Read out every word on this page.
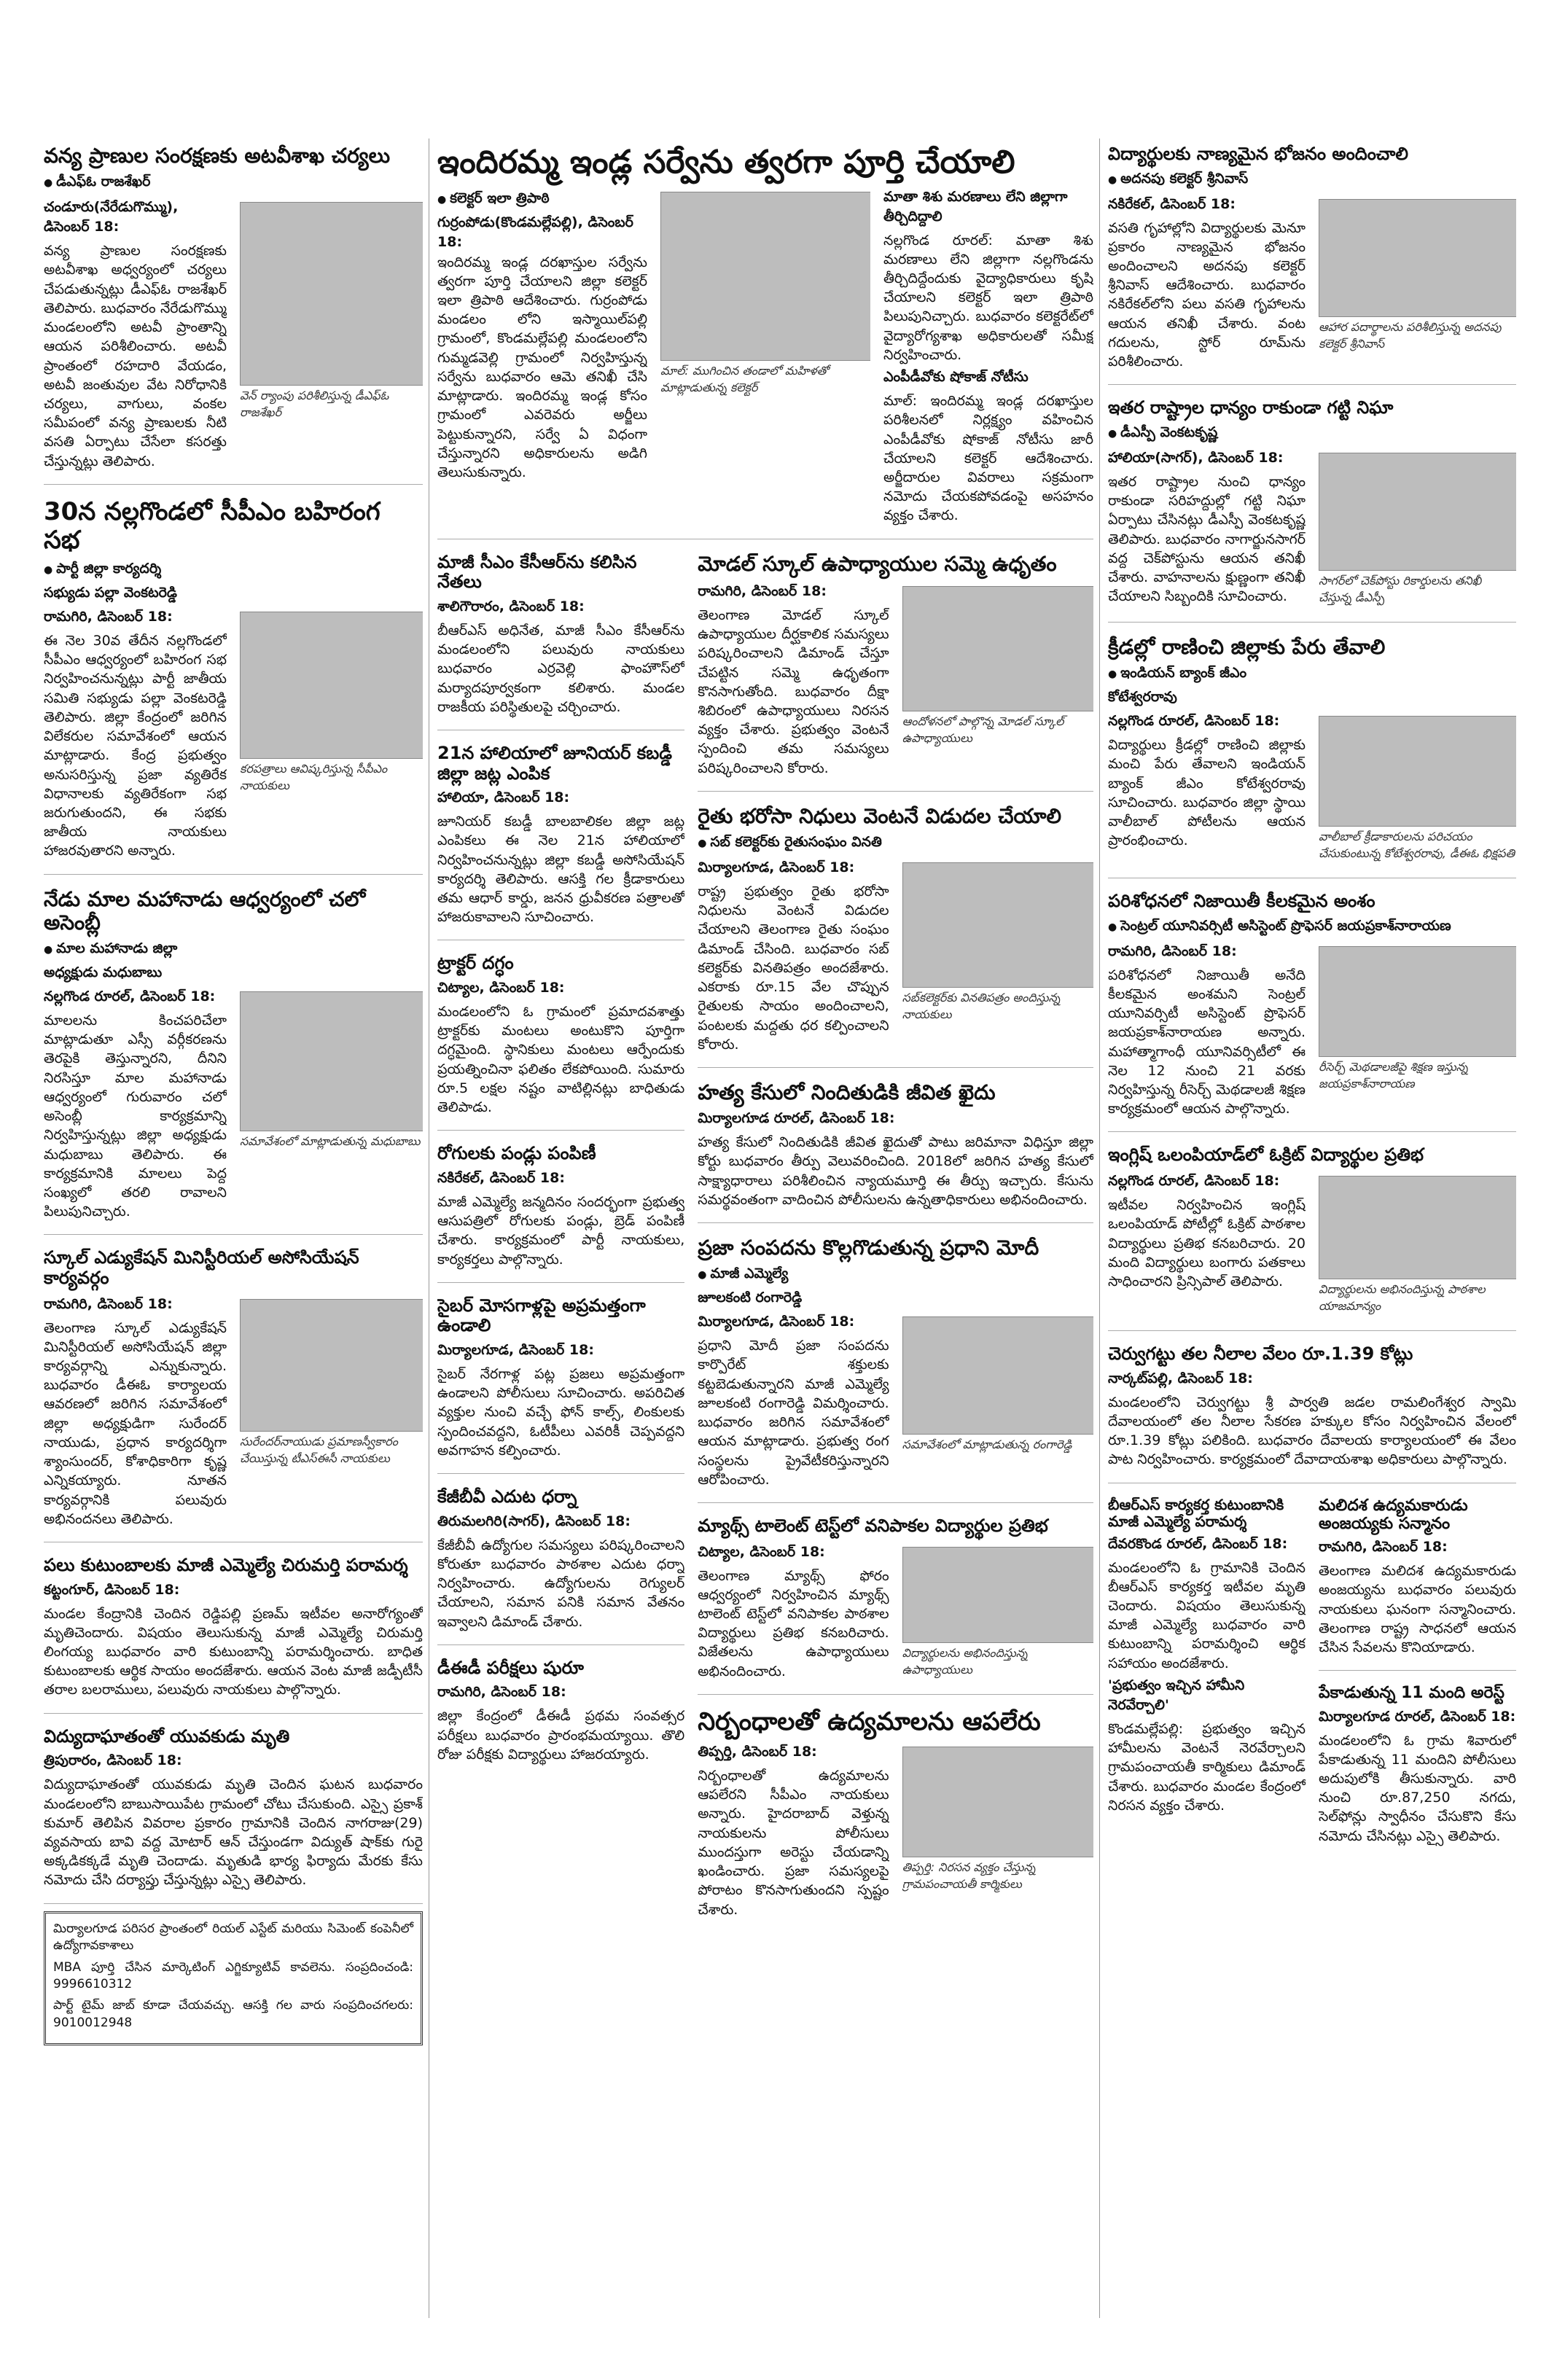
వన్య ప్రాణుల సంరక్షణకు అటవీశాఖ చర్యలు
● డీఎఫ్‌ఓ రాజశేఖర్
చండూరు(నేరేడుగొమ్ము), డిసెంబర్ 18:

వన్య ప్రాణుల సంరక్షణకు అటవీశాఖ అధ్వర్యంలో చర్యలు చేపడుతున్నట్లు డీఎఫ్‌ఓ రాజశేఖర్ తెలిపారు. బుధవారం నేరేడుగొమ్ము మండలంలోని అటవీ ప్రాంతాన్ని ఆయన పరిశీలించారు. అటవీ ప్రాంతంలో రహదారి వేయడం, అటవీ జంతువుల వేట నిరోధానికి చర్యలు, వాగులు, వంకల సమీపంలో వన్య ప్రాణులకు నీటి వసతి ఏర్పాటు చేసేలా కసరత్తు చేస్తున్నట్లు తెలిపారు.

వెన్ ర్యాంపు పరిశీలిస్తున్న డీఎఫ్‌ఓ రాజశేఖర్
30న నల్లగొండలో సీపీఎం బహిరంగ సభ
● పార్టీ జిల్లా కార్యదర్శి
సభ్యుడు పల్లా వెంకటరెడ్డి
రామగిరి, డిసెంబర్ 18:

ఈ నెల 30వ తేదీన నల్లగొండలో సీపీఎం ఆధ్వర్యంలో బహిరంగ సభ నిర్వహించనున్నట్లు పార్టీ జాతీయ సమితి సభ్యుడు పల్లా వెంకటరెడ్డి తెలిపారు. జిల్లా కేంద్రంలో జరిగిన విలేకరుల సమావేశంలో ఆయన మాట్లాడారు. కేంద్ర ప్రభుత్వం అనుసరిస్తున్న ప్రజా వ్యతిరేక విధానాలకు వ్యతిరేకంగా సభ జరుగుతుందని, ఈ సభకు జాతీయ నాయకులు హాజరవుతారని అన్నారు.

కరపత్రాలు ఆవిష్కరిస్తున్న సీపీఎం నాయకులు
నేడు మాల మహానాడు ఆధ్వర్యంలో చలో అసెంబ్లీ
● మాల మహానాడు జిల్లా
అధ్యక్షుడు మధుబాబు
నల్లగొండ రూరల్, డిసెంబర్ 18:

మాలలను కించపరిచేలా మాట్లాడుతూ ఎస్సీ వర్గీకరణను తెరపైకి తెస్తున్నారని, దీనిని నిరసిస్తూ మాల మహానాడు ఆధ్వర్యంలో గురువారం చలో అసెంబ్లీ కార్యక్రమాన్ని నిర్వహిస్తున్నట్లు జిల్లా అధ్యక్షుడు మధుబాబు తెలిపారు. ఈ కార్యక్రమానికి మాలలు పెద్ద సంఖ్యలో తరలి రావాలని పిలుపునిచ్చారు.

సమావేశంలో మాట్లాడుతున్న మధుబాబు
స్కూల్ ఎడ్యుకేషన్ మినిస్టీరియల్ అసోసియేషన్ కార్యవర్గం
రామగిరి, డిసెంబర్ 18:

తెలంగాణ స్కూల్ ఎడ్యుకేషన్ మినిస్టీరియల్ అసోసియేషన్ జిల్లా కార్యవర్గాన్ని ఎన్నుకున్నారు. బుధవారం డీఈఓ కార్యాలయ ఆవరణలో జరిగిన సమావేశంలో జిల్లా అధ్యక్షుడిగా సురేందర్ నాయుడు, ప్రధాన కార్యదర్శిగా శ్యాంసుందర్, కోశాధికారిగా కృష్ణ ఎన్నికయ్యారు. నూతన కార్యవర్గానికి పలువురు అభినందనలు తెలిపారు.

సురేందర్‌నాయుడు ప్రమాణస్వీకారం చేయిస్తున్న టీఎస్ఈసీ నాయకులు
పలు కుటుంబాలకు మాజీ ఎమ్మెల్యే చిరుమర్తి పరామర్శ
కట్టంగూర్, డిసెంబర్ 18:

మండల కేంద్రానికి చెందిన రెడ్డిపల్లి ప్రణమ్ ఇటీవల అనారోగ్యంతో మృతిచెందారు. విషయం తెలుసుకున్న మాజీ ఎమ్మెల్యే చిరుమర్తి లింగయ్య బుధవారం వారి కుటుంబాన్ని పరామర్శించారు. బాధిత కుటుంబాలకు ఆర్థిక సాయం అందజేశారు. ఆయన వెంట మాజీ జడ్పీటీసీ తరాల బలరాములు, పలువురు నాయకులు పాల్గొన్నారు.

విద్యుదాఘాతంతో యువకుడు మృతి
త్రిపురారం, డిసెంబర్ 18:

విద్యుదాఘాతంతో యువకుడు మృతి చెందిన ఘటన బుధవారం మండలంలోని బాబుసాయిపేట గ్రామంలో చోటు చేసుకుంది. ఎస్సై ప్రకాశ్ కుమార్ తెలిపిన వివరాల ప్రకారం గ్రామానికి చెందిన నాగరాజు(29) వ్యవసాయ బావి వద్ద మోటార్ ఆన్ చేస్తుండగా విద్యుత్ షాక్‌కు గురై అక్కడికక్కడే మృతి చెందాడు. మృతుడి భార్య ఫిర్యాదు మేరకు కేసు నమోదు చేసి దర్యాప్తు చేస్తున్నట్లు ఎస్సై తెలిపారు.

మిర్యాలగూడ పరిసర ప్రాంతంలో రియల్ ఎస్టేట్ మరియు సిమెంట్ కంపెనీలో ఉద్యోగావకాశాలు

MBA పూర్తి చేసిన మార్కెటింగ్ ఎగ్జిక్యూటివ్ కావలెను. సంప్రదించండి: 9996610312

పార్ట్ టైమ్ జాబ్ కూడా చేయవచ్చు. ఆసక్తి గల వారు సంప్రదించగలరు: 9010012948

ఇందిరమ్మ ఇండ్ల సర్వేను త్వరగా పూర్తి చేయాలి
● కలెక్టర్ ఇలా త్రిపాఠి
గుర్రంపోడు(కొండమల్లేపల్లి), డిసెంబర్ 18:

ఇందిరమ్మ ఇండ్ల దరఖాస్తుల సర్వేను త్వరగా పూర్తి చేయాలని జిల్లా కలెక్టర్ ఇలా త్రిపాఠి ఆదేశించారు. గుర్రంపోడు మండలం లోని ఇస్మాయిల్‌పల్లి గ్రామంలో, కొండమల్లేపల్లి మండలంలోని గుమ్మడవెల్లి గ్రామంలో నిర్వహిస్తున్న సర్వేను బుధవారం ఆమె తనిఖీ చేసి మాట్లాడారు. ఇందిరమ్మ ఇండ్ల కోసం గ్రామంలో ఎవరెవరు అర్జీలు పెట్టుకున్నారని, సర్వే ఏ విధంగా చేస్తున్నారని అధికారులను అడిగి తెలుసుకున్నారు.

మాల్‌: ముగించిన తండాలో మహిళతో మాట్లాడుతున్న కలెక్టర్
మాతా శిశు మరణాలు లేని జిల్లాగా తీర్చిదిద్దాలి

నల్లగొండ రూరల్: మాతా శిశు మరణాలు లేని జిల్లాగా నల్లగొండను తీర్చిదిద్దేందుకు వైద్యాధికారులు కృషి చేయాలని కలెక్టర్ ఇలా త్రిపాఠి పిలుపునిచ్చారు. బుధవారం కలెక్టరేట్‌లో వైద్యారోగ్యశాఖ అధికారులతో సమీక్ష నిర్వహించారు.

ఎంపీడీవోకు షోకాజ్ నోటీసు

మాల్: ఇందిరమ్మ ఇండ్ల దరఖాస్తుల పరిశీలనలో నిర్లక్ష్యం వహించిన ఎంపీడీవోకు షోకాజ్ నోటీసు జారీ చేయాలని కలెక్టర్ ఆదేశించారు. అర్జీదారుల వివరాలు సక్రమంగా నమోదు చేయకపోవడంపై అసహనం వ్యక్తం చేశారు.

మాజీ సీఎం కేసీఆర్‌ను కలిసిన నేతలు
శాలిగౌరారం, డిసెంబర్ 18:

బీఆర్ఎస్ అధినేత, మాజీ సీఎం కేసీఆర్‌ను మండలంలోని పలువురు నాయకులు బుధవారం ఎర్రవెల్లి ఫాంహౌస్‌లో మర్యాదపూర్వకంగా కలిశారు. మండల రాజకీయ పరిస్థితులపై చర్చించారు.

21న హాలియాలో జూనియర్ కబడ్డీ జిల్లా జట్ల ఎంపిక
హాలియా, డిసెంబర్ 18:

జూనియర్ కబడ్డీ బాలబాలికల జిల్లా జట్ల ఎంపికలు ఈ నెల 21న హాలియాలో నిర్వహించనున్నట్లు జిల్లా కబడ్డీ అసోసియేషన్ కార్యదర్శి తెలిపారు. ఆసక్తి గల క్రీడాకారులు తమ ఆధార్ కార్డు, జనన ధ్రువీకరణ పత్రాలతో హాజరుకావాలని సూచించారు.

ట్రాక్టర్ దగ్ధం
చిట్యాల, డిసెంబర్ 18:

మండలంలోని ఓ గ్రామంలో ప్రమాదవశాత్తు ట్రాక్టర్‌కు మంటలు అంటుకొని పూర్తిగా దగ్ధమైంది. స్థానికులు మంటలు ఆర్పేందుకు ప్రయత్నించినా ఫలితం లేకపోయింది. సుమారు రూ.5 లక్షల నష్టం వాటిల్లినట్లు బాధితుడు తెలిపాడు.

రోగులకు పండ్లు పంపిణీ
నకిరేకల్, డిసెంబర్ 18:

మాజీ ఎమ్మెల్యే జన్మదినం సందర్భంగా ప్రభుత్వ ఆసుపత్రిలో రోగులకు పండ్లు, బ్రెడ్ పంపిణీ చేశారు. కార్యక్రమంలో పార్టీ నాయకులు, కార్యకర్తలు పాల్గొన్నారు.

సైబర్ మోసగాళ్లపై అప్రమత్తంగా ఉండాలి
మిర్యాలగూడ, డిసెంబర్ 18:

సైబర్ నేరగాళ్ల పట్ల ప్రజలు అప్రమత్తంగా ఉండాలని పోలీసులు సూచించారు. అపరిచిత వ్యక్తుల నుంచి వచ్చే ఫోన్ కాల్స్, లింకులకు స్పందించవద్దని, ఓటీపీలు ఎవరికీ చెప్పవద్దని అవగాహన కల్పించారు.

కేజీబీవీ ఎదుట ధర్నా
తిరుమలగిరి(సాగర్), డిసెంబర్ 18:

కేజీబీవీ ఉద్యోగుల సమస్యలు పరిష్కరించాలని కోరుతూ బుధవారం పాఠశాల ఎదుట ధర్నా నిర్వహించారు. ఉద్యోగులను రెగ్యులర్ చేయాలని, సమాన పనికి సమాన వేతనం ఇవ్వాలని డిమాండ్ చేశారు.

డీఈడీ పరీక్షలు షురూ
రామగిరి, డిసెంబర్ 18:

జిల్లా కేంద్రంలో డీఈడీ ప్రథమ సంవత్సర పరీక్షలు బుధవారం ప్రారంభమయ్యాయి. తొలి రోజు పరీక్షకు విద్యార్థులు హాజరయ్యారు.

మోడల్ స్కూల్ ఉపాధ్యాయుల సమ్మె ఉధృతం
రామగిరి, డిసెంబర్ 18:

తెలంగాణ మోడల్ స్కూల్ ఉపాధ్యాయుల దీర్ఘకాలిక సమస్యలు పరిష్కరించాలని డిమాండ్ చేస్తూ చేపట్టిన సమ్మె ఉధృతంగా కొనసాగుతోంది. బుధవారం దీక్షా శిబిరంలో ఉపాధ్యాయులు నిరసన వ్యక్తం చేశారు. ప్రభుత్వం వెంటనే స్పందించి తమ సమస్యలు పరిష్కరించాలని కోరారు.

ఆందోళనలో పాల్గొన్న మోడల్ స్కూల్ ఉపాధ్యాయులు
రైతు భరోసా నిధులు వెంటనే విడుదల చేయాలి
● సబ్ కలెక్టర్‌కు రైతుసంఘం వినతి
మిర్యాలగూడ, డిసెంబర్ 18:

రాష్ట్ర ప్రభుత్వం రైతు భరోసా నిధులను వెంటనే విడుదల చేయాలని తెలంగాణ రైతు సంఘం డిమాండ్ చేసింది. బుధవారం సబ్ కలెక్టర్‌కు వినతిపత్రం అందజేశారు. ఎకరాకు రూ.15 వేల చొప్పున రైతులకు సాయం అందించాలని, పంటలకు మద్దతు ధర కల్పించాలని కోరారు.

సబ్‌కలెక్టర్‌కు వినతిపత్రం అందిస్తున్న నాయకులు
హత్య కేసులో నిందితుడికి జీవిత ఖైదు
మిర్యాలగూడ రూరల్, డిసెంబర్ 18:

హత్య కేసులో నిందితుడికి జీవిత ఖైదుతో పాటు జరిమానా విధిస్తూ జిల్లా కోర్టు బుధవారం తీర్పు వెలువరించింది. 2018లో జరిగిన హత్య కేసులో సాక్ష్యాధారాలు పరిశీలించిన న్యాయమూర్తి ఈ తీర్పు ఇచ్చారు. కేసును సమర్థవంతంగా వాదించిన పోలీసులను ఉన్నతాధికారులు అభినందించారు.

ప్రజా సంపదను కొల్లగొడుతున్న ప్రధాని మోదీ
● మాజీ ఎమ్మెల్యే
జూలకంటి రంగారెడ్డి
మిర్యాలగూడ, డిసెంబర్ 18:

ప్రధాని మోదీ ప్రజా సంపదను కార్పొరేట్ శక్తులకు కట్టబెడుతున్నారని మాజీ ఎమ్మెల్యే జూలకంటి రంగారెడ్డి విమర్శించారు. బుధవారం జరిగిన సమావేశంలో ఆయన మాట్లాడారు. ప్రభుత్వ రంగ సంస్థలను ప్రైవేటీకరిస్తున్నారని ఆరోపించారు.

సమావేశంలో మాట్లాడుతున్న రంగారెడ్డి
మ్యాథ్స్ టాలెంట్ టెస్ట్‌లో వనిపాకల విద్యార్థుల ప్రతిభ
చిట్యాల, డిసెంబర్ 18:

తెలంగాణ మ్యాథ్స్ ఫోరం ఆధ్వర్యంలో నిర్వహించిన మ్యాథ్స్ టాలెంట్ టెస్ట్‌లో వనిపాకల పాఠశాల విద్యార్థులు ప్రతిభ కనబరిచారు. విజేతలను ఉపాధ్యాయులు అభినందించారు.

విద్యార్థులను అభినందిస్తున్న ఉపాధ్యాయులు
నిర్బంధాలతో ఉద్యమాలను ఆపలేరు
తిప్పర్తి, డిసెంబర్ 18:

నిర్బంధాలతో ఉద్యమాలను ఆపలేరని సీపీఎం నాయకులు అన్నారు. హైదరాబాద్ వెళ్తున్న నాయకులను పోలీసులు ముందస్తుగా అరెస్టు చేయడాన్ని ఖండించారు. ప్రజా సమస్యలపై పోరాటం కొనసాగుతుందని స్పష్టం చేశారు.

తిప్పర్తి: నిరసన వ్యక్తం చేస్తున్న గ్రామపంచాయతీ కార్మికులు
విద్యార్థులకు నాణ్యమైన భోజనం అందించాలి
● అదనపు కలెక్టర్ శ్రీనివాస్
నకిరేకల్, డిసెంబర్ 18:

వసతి గృహాల్లోని విద్యార్థులకు మెనూ ప్రకారం నాణ్యమైన భోజనం అందించాలని అదనపు కలెక్టర్ శ్రీనివాస్ ఆదేశించారు. బుధవారం నకిరేకల్‌లోని పలు వసతి గృహాలను ఆయన తనిఖీ చేశారు. వంట గదులను, స్టోర్ రూమ్‌ను పరిశీలించారు.

ఆహార పదార్థాలను పరిశీలిస్తున్న అదనపు కలెక్టర్ శ్రీనివాస్
ఇతర రాష్ట్రాల ధాన్యం రాకుండా గట్టి నిఘా
● డీఎస్పీ వెంకటకృష్ణ
హాలియా(సాగర్), డిసెంబర్ 18:

ఇతర రాష్ట్రాల నుంచి ధాన్యం రాకుండా సరిహద్దుల్లో గట్టి నిఘా ఏర్పాటు చేసినట్లు డీఎస్పీ వెంకటకృష్ణ తెలిపారు. బుధవారం నాగార్జునసాగర్ వద్ద చెక్‌పోస్టును ఆయన తనిఖీ చేశారు. వాహనాలను క్షుణ్ణంగా తనిఖీ చేయాలని సిబ్బందికి సూచించారు.

సాగర్‌లో చెక్‌పోస్టు రికార్డులను తనిఖీ చేస్తున్న డీఎస్పీ
క్రీడల్లో రాణించి జిల్లాకు పేరు తేవాలి
● ఇండియన్ బ్యాంక్ జీఎం
కోటేశ్వరరావు
నల్లగొండ రూరల్, డిసెంబర్ 18:

విద్యార్థులు క్రీడల్లో రాణించి జిల్లాకు మంచి పేరు తేవాలని ఇండియన్ బ్యాంక్ జీఎం కోటేశ్వరరావు సూచించారు. బుధవారం జిల్లా స్థాయి వాలీబాల్ పోటీలను ఆయన ప్రారంభించారు.	వాలీబాల్ క్రీడాకారులను పరిచయం చేసుకుంటున్న కోటేశ్వరరావు, డీఈఓ భిక్షపతి
పరిశోధనలో నిజాయితీ కీలకమైన అంశం
● సెంట్రల్ యూనివర్సిటీ అసిస్టెంట్ ప్రొఫెసర్ జయప్రకాశ్‌నారాయణ
రామగిరి, డిసెంబర్ 18:

పరిశోధనలో నిజాయితీ అనేది కీలకమైన అంశమని సెంట్రల్ యూనివర్సిటీ అసిస్టెంట్ ప్రొఫెసర్ జయప్రకాశ్‌నారాయణ అన్నారు. మహాత్మాగాంధీ యూనివర్సిటీలో ఈ నెల 12 నుంచి 21 వరకు నిర్వహిస్తున్న రీసెర్చ్ మెథడాలజీ శిక్షణ కార్యక్రమంలో ఆయన పాల్గొన్నారు.

రీసెర్చ్ మెథడాలజీపై శిక్షణ ఇస్తున్న జయప్రకాశ్‌నారాయణ
ఇంగ్లిష్ ఒలంపియాడ్‌లో ఓక్రిట్ విద్యార్థుల ప్రతిభ
నల్లగొండ రూరల్, డిసెంబర్ 18:

ఇటీవల నిర్వహించిన ఇంగ్లిష్ ఒలంపియాడ్ పోటీల్లో ఓక్రిట్ పాఠశాల విద్యార్థులు ప్రతిభ కనబరిచారు. 20 మంది విద్యార్థులు బంగారు పతకాలు సాధించారని ప్రిన్సిపాల్ తెలిపారు.	విద్యార్థులను అభినందిస్తున్న పాఠశాల యాజమాన్యం
చెర్వుగట్టు తల నీలాల వేలం రూ.1.39 కోట్లు
నార్కట్‌పల్లి, డిసెంబర్ 18:

మండలంలోని చెర్వుగట్టు శ్రీ పార్వతి జడల రామలింగేశ్వర స్వామి దేవాలయంలో తల నీలాల సేకరణ హక్కుల కోసం నిర్వహించిన వేలంలో రూ.1.39 కోట్లు పలికింది. బుధవారం దేవాలయ కార్యాలయంలో ఈ వేలం పాట నిర్వహించారు. కార్యక్రమంలో దేవాదాయశాఖ అధికారులు పాల్గొన్నారు.

బీఆర్ఎస్ కార్యకర్త కుటుంబానికి మాజీ ఎమ్మెల్యే పరామర్శ
దేవరకొండ రూరల్, డిసెంబర్ 18:

మండలంలోని ఓ గ్రామానికి చెందిన బీఆర్ఎస్ కార్యకర్త ఇటీవల మృతి చెందారు. విషయం తెలుసుకున్న మాజీ ఎమ్మెల్యే బుధవారం వారి కుటుంబాన్ని పరామర్శించి ఆర్థిక సహాయం అందజేశారు.

'ప్రభుత్వం ఇచ్చిన హామీని నెరవేర్చాలి'

కొండమల్లేపల్లి: ప్రభుత్వం ఇచ్చిన హామీలను వెంటనే నెరవేర్చాలని గ్రామపంచాయతీ కార్మికులు డిమాండ్ చేశారు. బుధవారం మండల కేంద్రంలో నిరసన వ్యక్తం చేశారు.

మలిదశ ఉద్యమకారుడు అంజయ్యకు సన్మానం
రామగిరి, డిసెంబర్ 18:

తెలంగాణ మలిదశ ఉద్యమకారుడు అంజయ్యను బుధవారం పలువురు నాయకులు ఘనంగా సన్మానించారు. తెలంగాణ రాష్ట్ర సాధనలో ఆయన చేసిన సేవలను కొనియాడారు.

పేకాడుతున్న 11 మంది అరెస్ట్
మిర్యాలగూడ రూరల్, డిసెంబర్ 18:

మండలంలోని ఓ గ్రామ శివారులో పేకాడుతున్న 11 మందిని పోలీసులు అదుపులోకి తీసుకున్నారు. వారి నుంచి రూ.87,250 నగదు, సెల్‌ఫోన్లు స్వాధీనం చేసుకొని కేసు నమోదు చేసినట్లు ఎస్సై తెలిపారు.
